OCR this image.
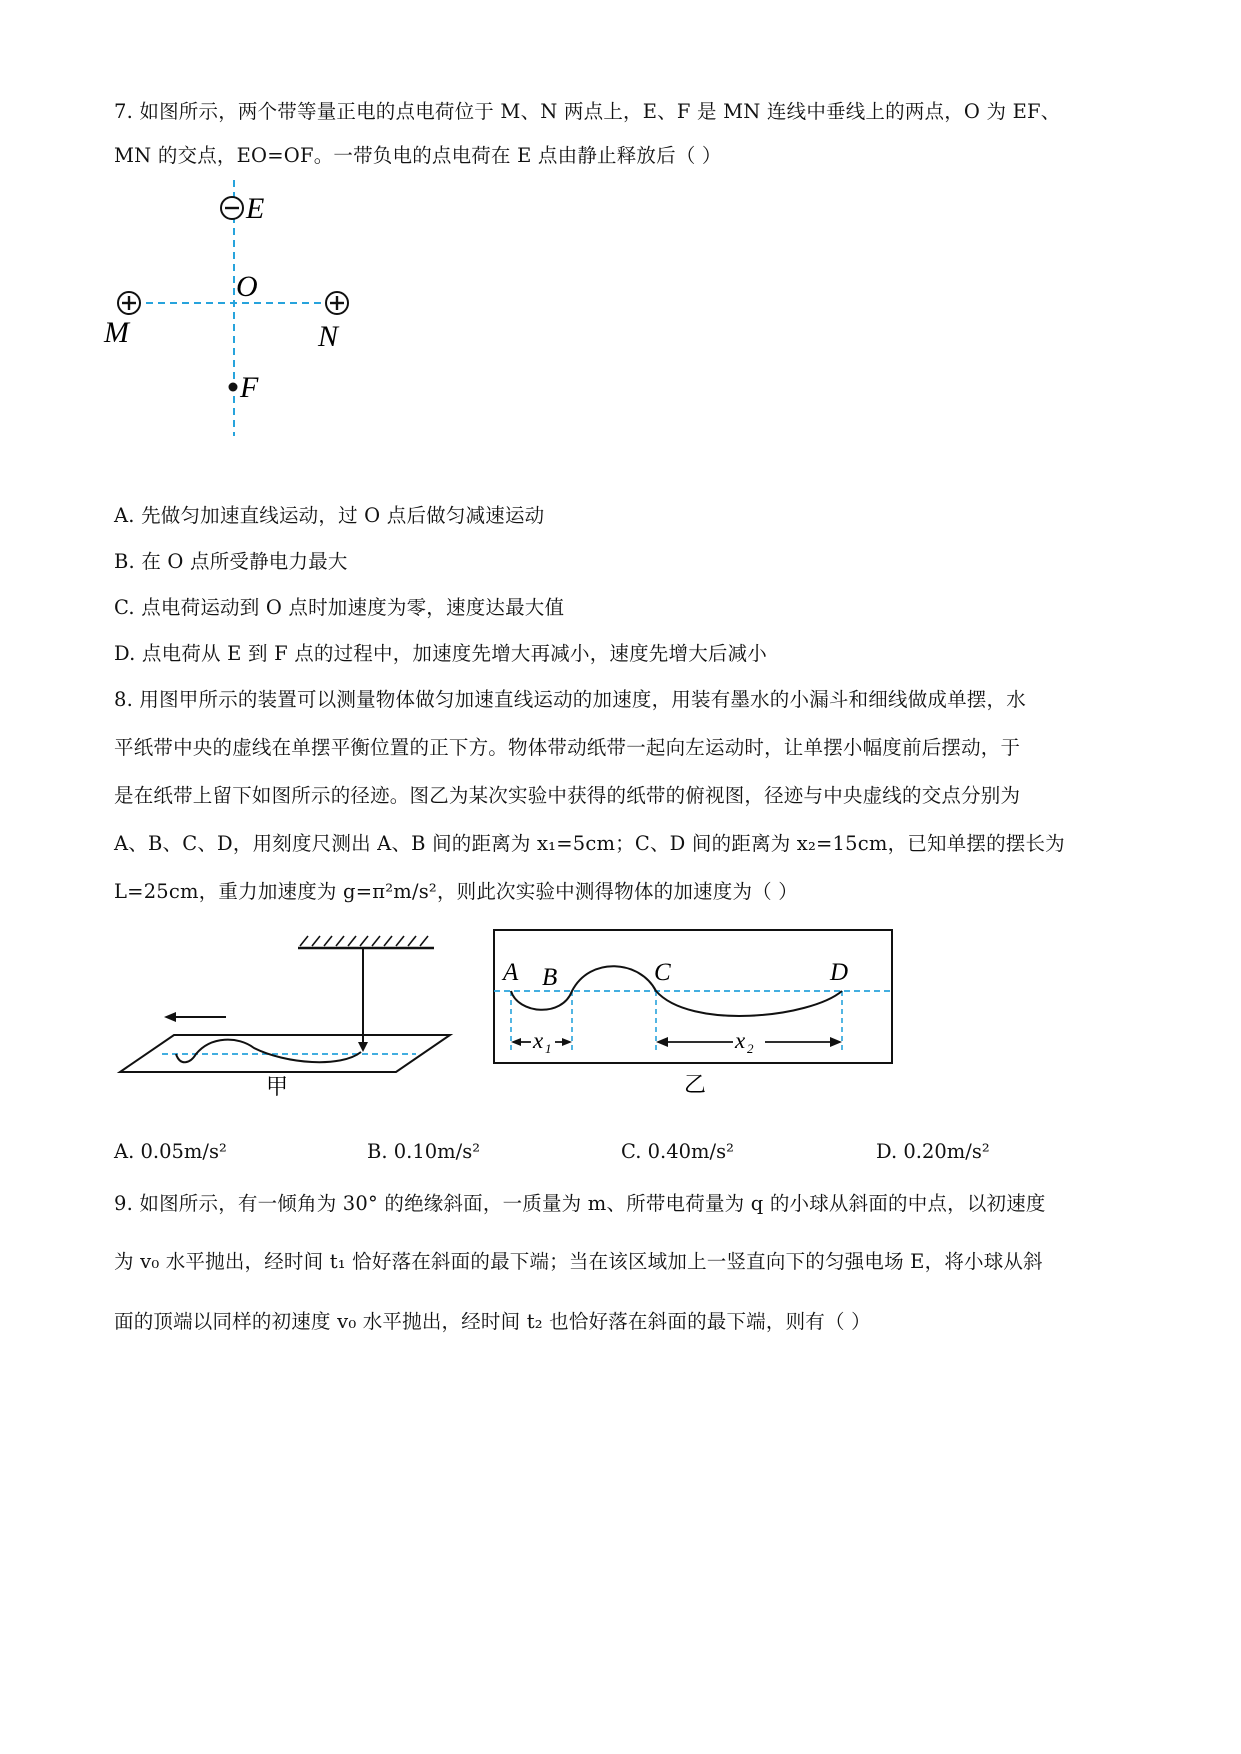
7. 如图所示，两个带等量正电的点电荷位于 M、N 两点上，E、F 是 MN 连线中垂线上的两点，O 为 EF、
MN 的交点，EO=OF。一带负电的点电荷在 E 点由静止释放后（ ）
E
O
M	N
F
A. 先做匀加速直线运动，过 O 点后做匀减速运动
B. 在 O 点所受静电力最大
C. 点电荷运动到 O 点时加速度为零，速度达最大值
D. 点电荷从 E 到 F 点的过程中，加速度先增大再减小，速度先增大后减小
8. 用图甲所示的装置可以测量物体做匀加速直线运动的加速度，用装有墨水的小漏斗和细线做成单摆，水
平纸带中央的虚线在单摆平衡位置的正下方。物体带动纸带一起向左运动时，让单摆小幅度前后摆动，于
是在纸带上留下如图所示的径迹。图乙为某次实验中获得的纸带的俯视图，径迹与中央虚线的交点分别为
A、B、C、D，用刻度尺测出 A、B 间的距离为 x₁=5cm；C、D 间的距离为 x₂=15cm，已知单摆的摆长为
L=25cm，重力加速度为 g=π²m/s²，则此次实验中测得物体的加速度为（ ）
甲
A B	C	D
x 1	x 2
乙
A. 0.05m/s²	B. 0.10m/s²	C. 0.40m/s²	D. 0.20m/s²
9. 如图所示，有一倾角为 30° 的绝缘斜面，一质量为 m、所带电荷量为 q 的小球从斜面的中点，以初速度
为 v₀ 水平抛出，经时间 t₁ 恰好落在斜面的最下端；当在该区域加上一竖直向下的匀强电场 E，将小球从斜
面的顶端以同样的初速度 v₀ 水平抛出，经时间 t₂ 也恰好落在斜面的最下端，则有（ ）
